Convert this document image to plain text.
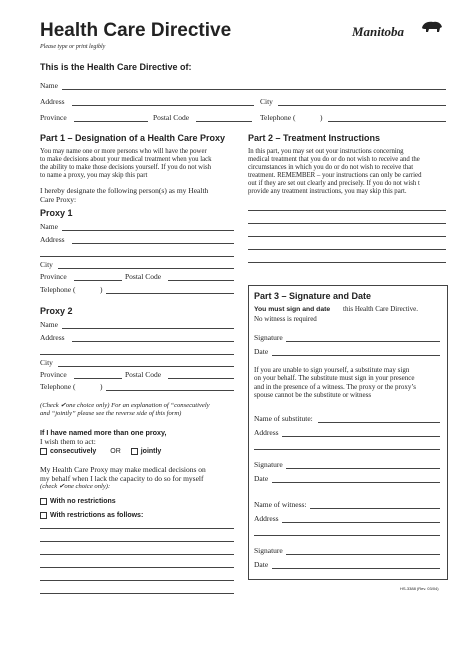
Health Care Directive
Please type or print legibly
Manitoba
This is the Health Care Directive of:
Name
Address	City
Province	Postal Code	Telephone (	)
Part 1 – Designation of a Health Care Proxy
You may name one or more persons who will have the power
to make decisions about your medical treatment when you lack
the ability to make those decisions yourself. If you do not wish
to name a proxy, you may skip this part
I hereby designate the following person(s) as my Health
Care Proxy:
Proxy 1
Name
Address
City
Province	Postal Code
Telephone (	)
Proxy 2
Name
Address
City
Province	Postal Code
Telephone (	)
(Check ✔one choice only) For an explanation of “consecutively
and “jointly” please see the reverse side of this form)
If I have named more than one proxy,
I wish them to act:
consecutively OR	jointly
My Health Care Proxy may make medical decisions on
my behalf when I lack the capacity to do so for myself
(check ✔one choice only):
With no restrictions
With restrictions as follows:
Part 2 – Treatment Instructions
In this part, you may set out your instructions concerning
medical treatment that you do or do not wish to receive and the
circumstances in which you do or do not wish to receive that
treatment. REMEMBER – your instructions can only be carried
out if they are set out clearly and precisely. If you do not wish t
provide any treatment instructions, you may skip this part.
Part 3 – Signature and Date
You must sign and date this Health Care Directive.
No witness is required
Signature
Date
If you are unable to sign yourself, a substitute may sign
on your behalf. The substitute must sign in your presence
and in the presence of a witness. The proxy or the proxy’s
spouse cannot be the substitute or witness
Name of substitute:
Address
Signature
Date
Name of witness:
Address
Signature
Date
HS-3388 (Rev. 03/04)
